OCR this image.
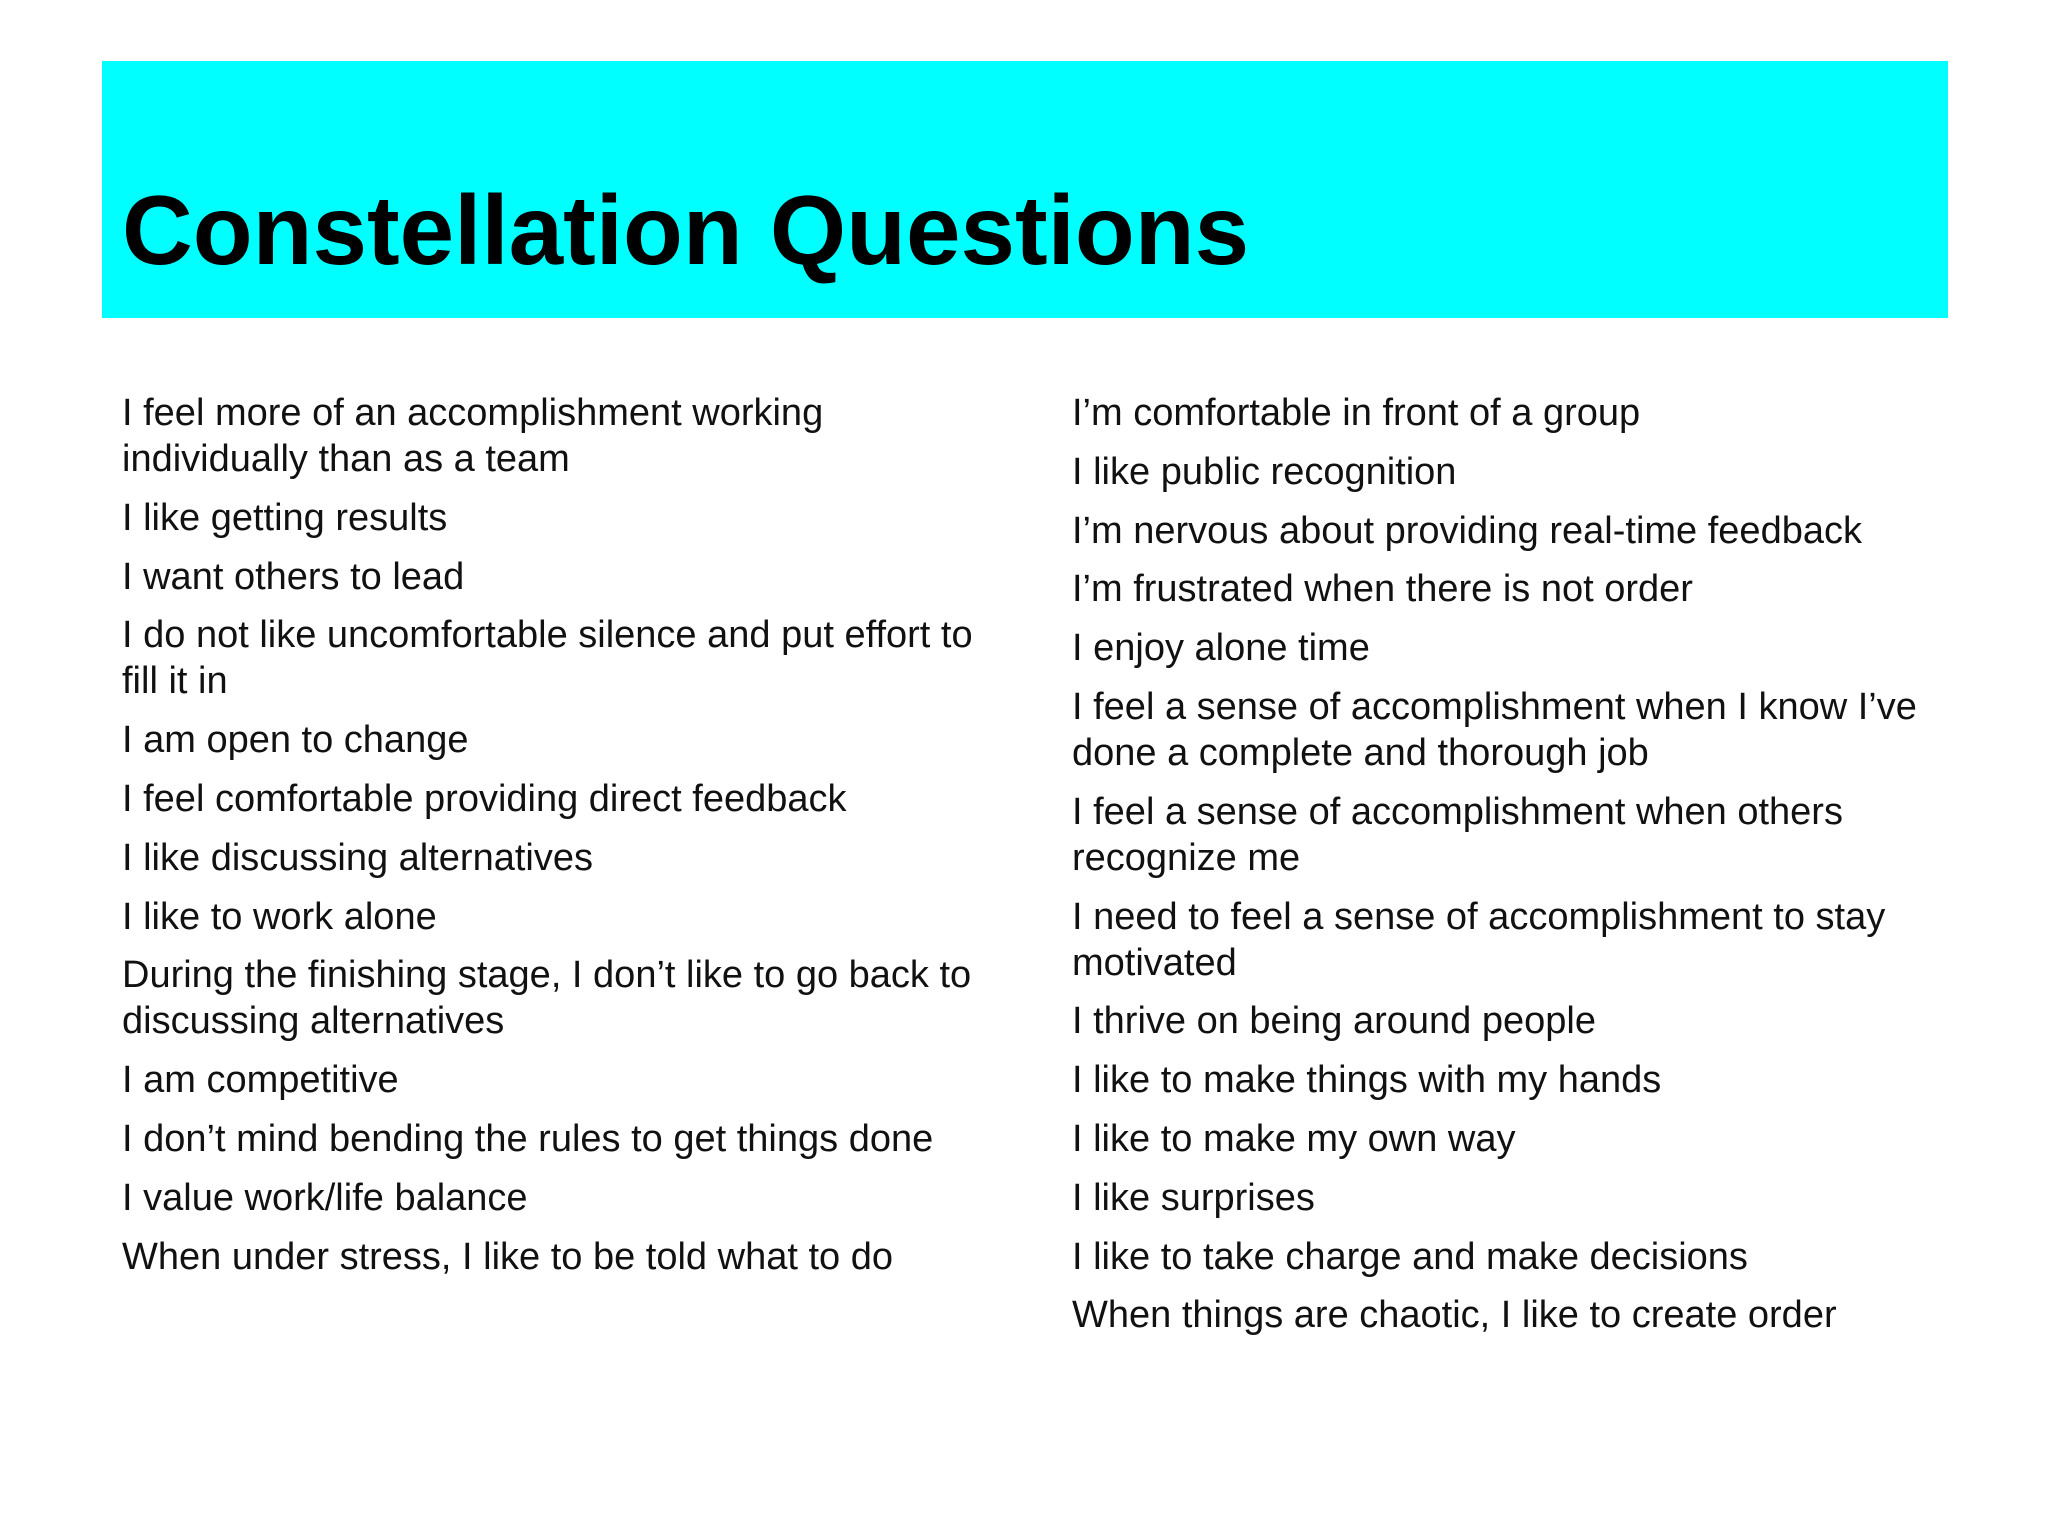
Constellation Questions
I feel more of an accomplishment working individually than as a team
I like getting results
I want others to lead
I do not like uncomfortable silence and put effort to fill it in
I am open to change
I feel comfortable providing direct feedback
I like discussing alternatives
I like to work alone
During the finishing stage, I don’t like to go back to discussing alternatives
I am competitive
I don’t mind bending the rules to get things done
I value work/life balance
When under stress, I like to be told what to do
I’m comfortable in front of a group
I like public recognition
I’m nervous about providing real-time feedback
I’m frustrated when there is not order
I enjoy alone time
I feel a sense of accomplishment when I know I’ve done a complete and thorough job
I feel a sense of accomplishment when others recognize me
I need to feel a sense of accomplishment to stay motivated
I thrive on being around people
I like to make things with my hands
I like to make my own way
I like surprises
I like to take charge and make decisions
When things are chaotic, I like to create order
